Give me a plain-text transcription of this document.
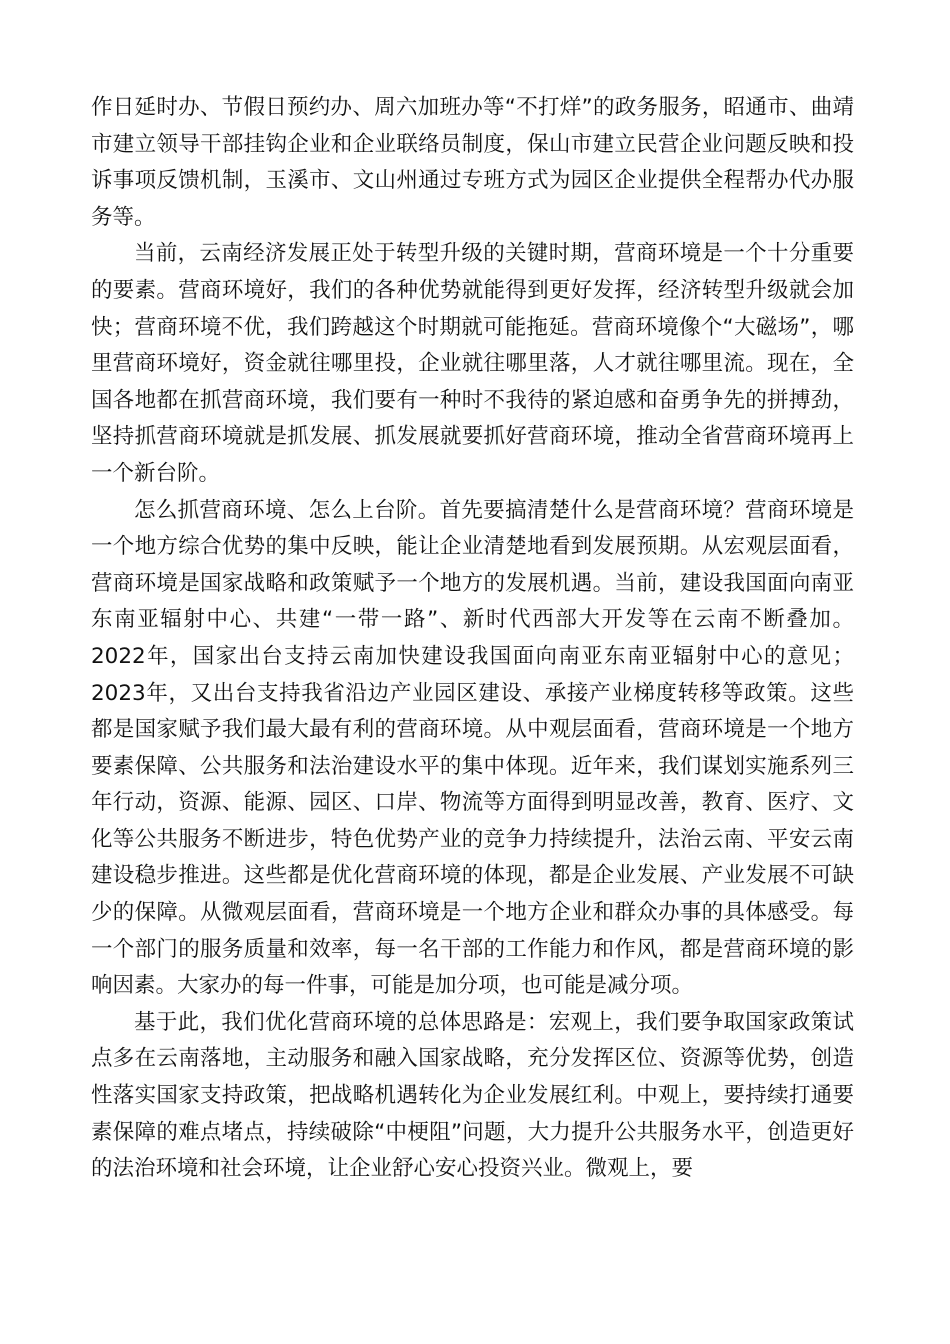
作日延时办、节假日预约办、周六加班办等“不打烊”的政务服务，昭通市、曲靖市建立领导干部挂钩企业和企业联络员制度，保山市建立民营企业问题反映和投诉事项反馈机制，玉溪市、文山州通过专班方式为园区企业提供全程帮办代办服务等。

当前，云南经济发展正处于转型升级的关键时期，营商环境是一个十分重要的要素。营商环境好，我们的各种优势就能得到更好发挥，经济转型升级就会加快；营商环境不优，我们跨越这个时期就可能拖延。营商环境像个“大磁场”，哪里营商环境好，资金就往哪里投，企业就往哪里落，人才就往哪里流。现在，全国各地都在抓营商环境，我们要有一种时不我待的紧迫感和奋勇争先的拼搏劲，坚持抓营商环境就是抓发展、抓发展就要抓好营商环境，推动全省营商环境再上一个新台阶。

怎么抓营商环境、怎么上台阶。首先要搞清楚什么是营商环境？营商环境是一个地方综合优势的集中反映，能让企业清楚地看到发展预期。从宏观层面看，营商环境是国家战略和政策赋予一个地方的发展机遇。当前，建设我国面向南亚东南亚辐射中心、共建“一带一路”、新时代西部大开发等在云南不断叠加。2022年，国家出台支持云南加快建设我国面向南亚东南亚辐射中心的意见；2023年，又出台支持我省沿边产业园区建设、承接产业梯度转移等政策。这些都是国家赋予我们最大最有利的营商环境。从中观层面看，营商环境是一个地方要素保障、公共服务和法治建设水平的集中体现。近年来，我们谋划实施系列三年行动，资源、能源、园区、口岸、物流等方面得到明显改善，教育、医疗、文化等公共服务不断进步，特色优势产业的竞争力持续提升，法治云南、平安云南建设稳步推进。这些都是优化营商环境的体现，都是企业发展、产业发展不可缺少的保障。从微观层面看，营商环境是一个地方企业和群众办事的具体感受。每一个部门的服务质量和效率，每一名干部的工作能力和作风，都是营商环境的影响因素。大家办的每一件事，可能是加分项，也可能是减分项。

基于此，我们优化营商环境的总体思路是：宏观上，我们要争取国家政策试点多在云南落地，主动服务和融入国家战略，充分发挥区位、资源等优势，创造性落实国家支持政策，把战略机遇转化为企业发展红利。中观上，要持续打通要素保障的难点堵点，持续破除“中梗阻”问题，大力提升公共服务水平，创造更好的法治环境和社会环境，让企业舒心安心投资兴业。微观上，要
